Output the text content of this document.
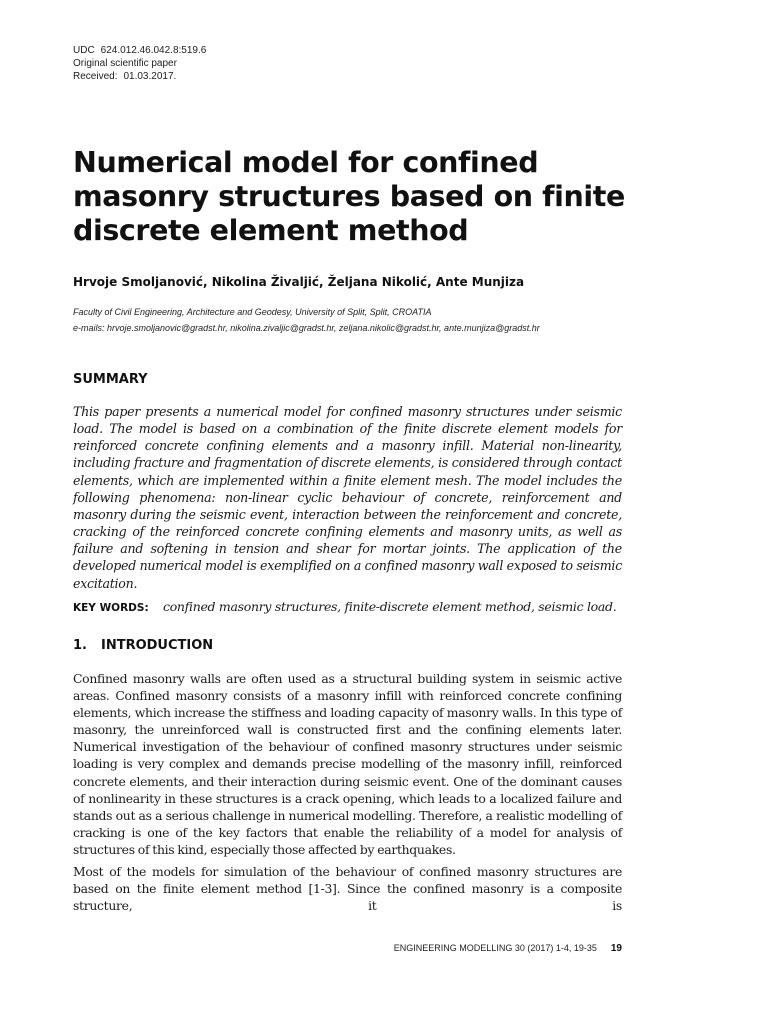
UDC 624.012.46.042.8:519.6
Original scientific paper
Received: 01.03.2017.
Numerical model for confined
masonry structures based on finite
discrete element method
Hrvoje Smoljanović, Nikolina Živaljić, Željana Nikolić, Ante Munjiza
Faculty of Civil Engineering, Architecture and Geodesy, University of Split, Split, CROATIA
e-mails: hrvoje.smoljanovic@gradst.hr, nikolina.zivaljic@gradst.hr, zeljana.nikolic@gradst.hr, ante.munjiza@gradst.hr
SUMMARY

This paper presents a numerical model for confined masonry structures under seismic load. The model is based on a combination of the finite discrete element models for reinforced concrete confining elements and a masonry infill. Material non-linearity, including fracture and fragmentation of discrete elements, is considered through contact elements, which are implemented within a finite element mesh. The model includes the following phenomena: non-linear cyclic behaviour of concrete, reinforcement and masonry during the seismic event, interaction between the reinforcement and concrete, cracking of the reinforced concrete confining elements and masonry units, as well as failure and softening in tension and shear for mortar joints. The application of the developed numerical model is exemplified on a confined masonry wall exposed to seismic excitation.

KEY WORDS: confined masonry structures, finite-discrete element method, seismic load.
1. INTRODUCTION

Confined masonry walls are often used as a structural building system in seismic active areas. Confined masonry consists of a masonry infill with reinforced concrete confining elements, which increase the stiffness and loading capacity of masonry walls. In this type of masonry, the unreinforced wall is constructed first and the confining elements later. Numerical investigation of the behaviour of confined masonry structures under seismic loading is very complex and demands precise modelling of the masonry infill, reinforced concrete elements, and their interaction during seismic event. One of the dominant causes of nonlinearity in these structures is a crack opening, which leads to a localized failure and stands out as a serious challenge in numerical modelling. Therefore, a realistic modelling of cracking is one of the key factors that enable the reliability of a model for analysis of structures of this kind, especially those affected by earthquakes.

Most of the models for simulation of the behaviour of confined masonry structures are based on the finite element method [1-3]. Since the confined masonry is a composite structure, it is

ENGINEERING MODELLING 30 (2017) 1-4, 19-35 19
